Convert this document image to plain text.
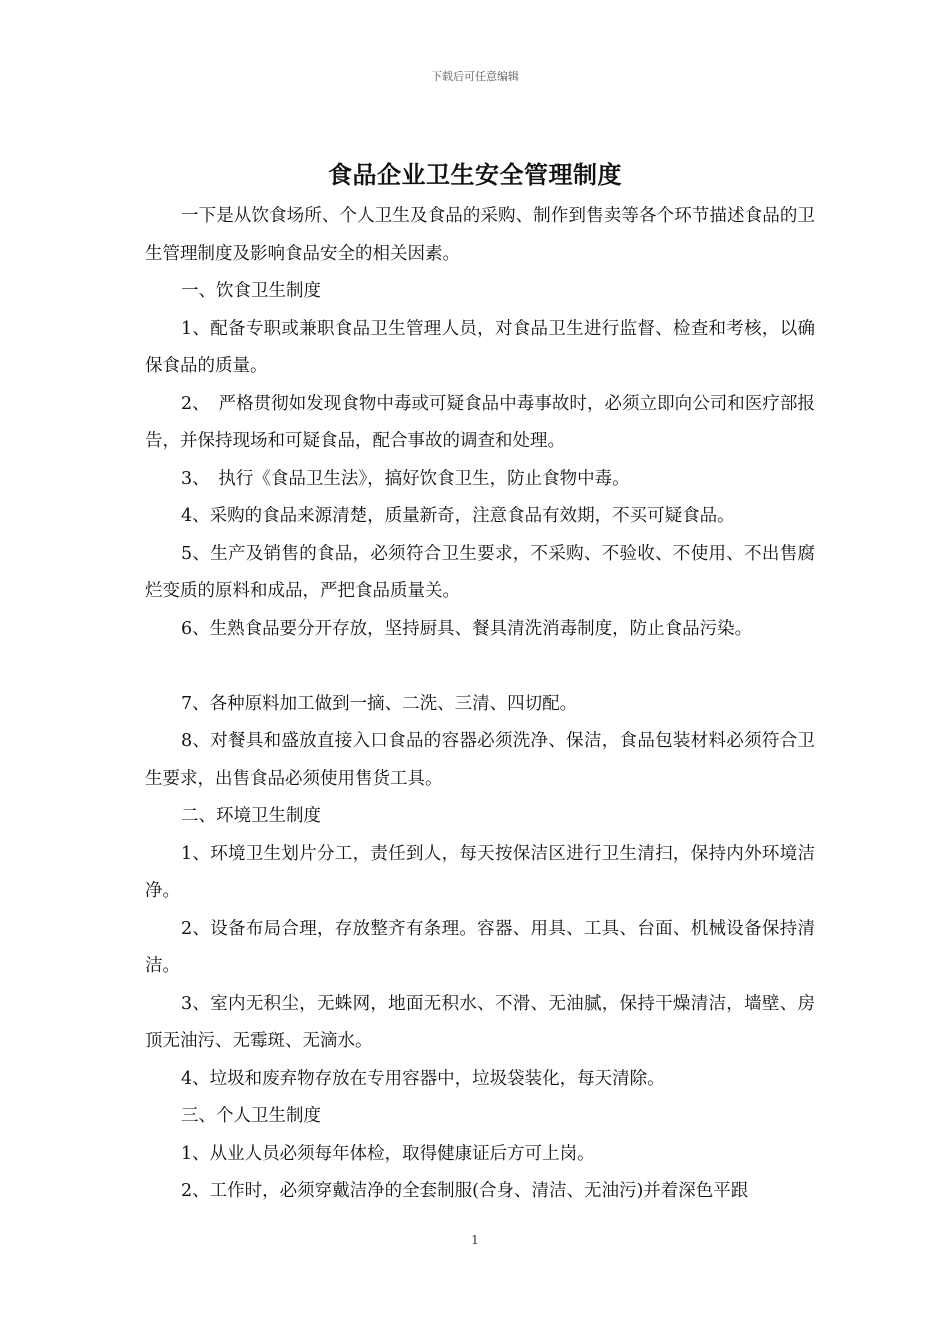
下载后可任意编辑
食品企业卫生安全管理制度

一下是从饮食场所、个人卫生及食品的采购、制作到售卖等各个环节描述食品的卫生管理制度及影响食品安全的相关因素。

一、饮食卫生制度

1、配备专职或兼职食品卫生管理人员，对食品卫生进行监督、检查和考核，以确保食品的质量。

2、　严格贯彻如发现食物中毒或可疑食品中毒事故时，必须立即向公司和医疗部报告，并保持现场和可疑食品，配合事故的调查和处理。

3、　执行《食品卫生法》，搞好饮食卫生，防止食物中毒。

4、采购的食品来源清楚，质量新奇，注意食品有效期，不买可疑食品。

5、生产及销售的食品，必须符合卫生要求，不采购、不验收、不使用、不出售腐烂变质的原料和成品，严把食品质量关。

6、生熟食品要分开存放，坚持厨具、餐具清洗消毒制度，防止食品污染。

7、各种原料加工做到一摘、二洗、三清、四切配。

8、对餐具和盛放直接入口食品的容器必须洗净、保洁，食品包装材料必须符合卫生要求，出售食品必须使用售货工具。

二、环境卫生制度

1、环境卫生划片分工，责任到人，每天按保洁区进行卫生清扫，保持内外环境洁净。

2、设备布局合理，存放整齐有条理。容器、用具、工具、台面、机械设备保持清洁。

3、室内无积尘，无蛛网，地面无积水、不滑、无油腻，保持干燥清洁，墙壁、房顶无油污、无霉斑、无滴水。

4、垃圾和废弃物存放在专用容器中，垃圾袋装化，每天清除。

三、个人卫生制度

1、从业人员必须每年体检，取得健康证后方可上岗。

2、工作时，必须穿戴洁净的全套制服(合身、清洁、无油污)并着深色平跟

1
